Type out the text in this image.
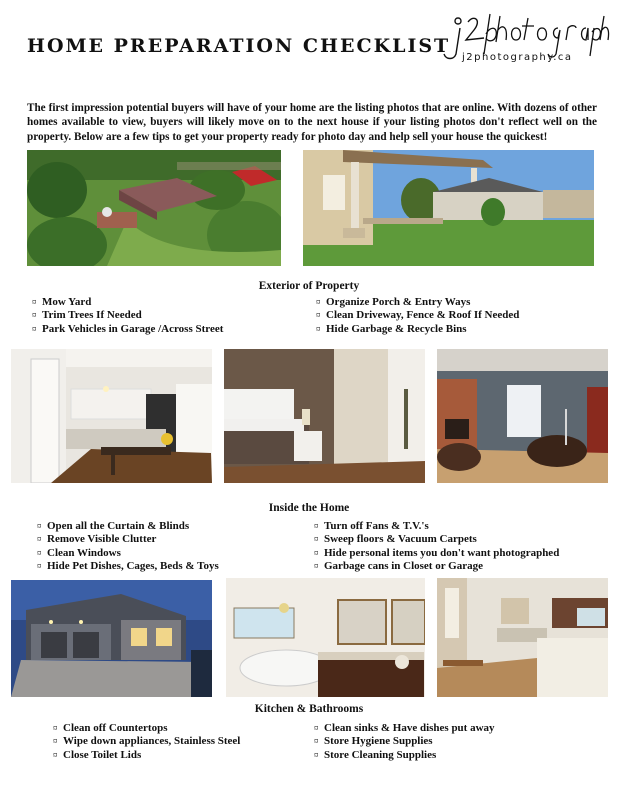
HOME PREPARATION CHECKLIST
j2photography.ca
The first impression potential buyers will have of your home are the listing photos that are online. With dozens of other homes available to view, buyers will likely move on to the next house if your listing photos don't reflect well on the property. Below are a few tips to get your property ready for photo day and help sell your house the quickest!
Exterior of Property
¤ Mow Yard
¤ Trim Trees If Needed
¤ Park Vehicles in Garage /Across Street
¤ Organize Porch & Entry Ways
¤ Clean Driveway, Fence & Roof If Needed
¤ Hide Garbage & Recycle Bins
Inside the Home
¤ Open all the Curtain & Blinds
¤ Remove Visible Clutter
¤ Clean Windows
¤ Hide Pet Dishes, Cages, Beds & Toys
¤ Turn off Fans & T.V.'s
¤ Sweep floors & Vacuum Carpets
¤ Hide personal items you don't want photographed
¤ Garbage cans in Closet or Garage
Kitchen & Bathrooms
¤ Clean off Countertops
¤ Wipe down appliances, Stainless Steel
¤ Close Toilet Lids
¤ Clean sinks & Have dishes put away
¤ Store Hygiene Supplies
¤ Store Cleaning Supplies
